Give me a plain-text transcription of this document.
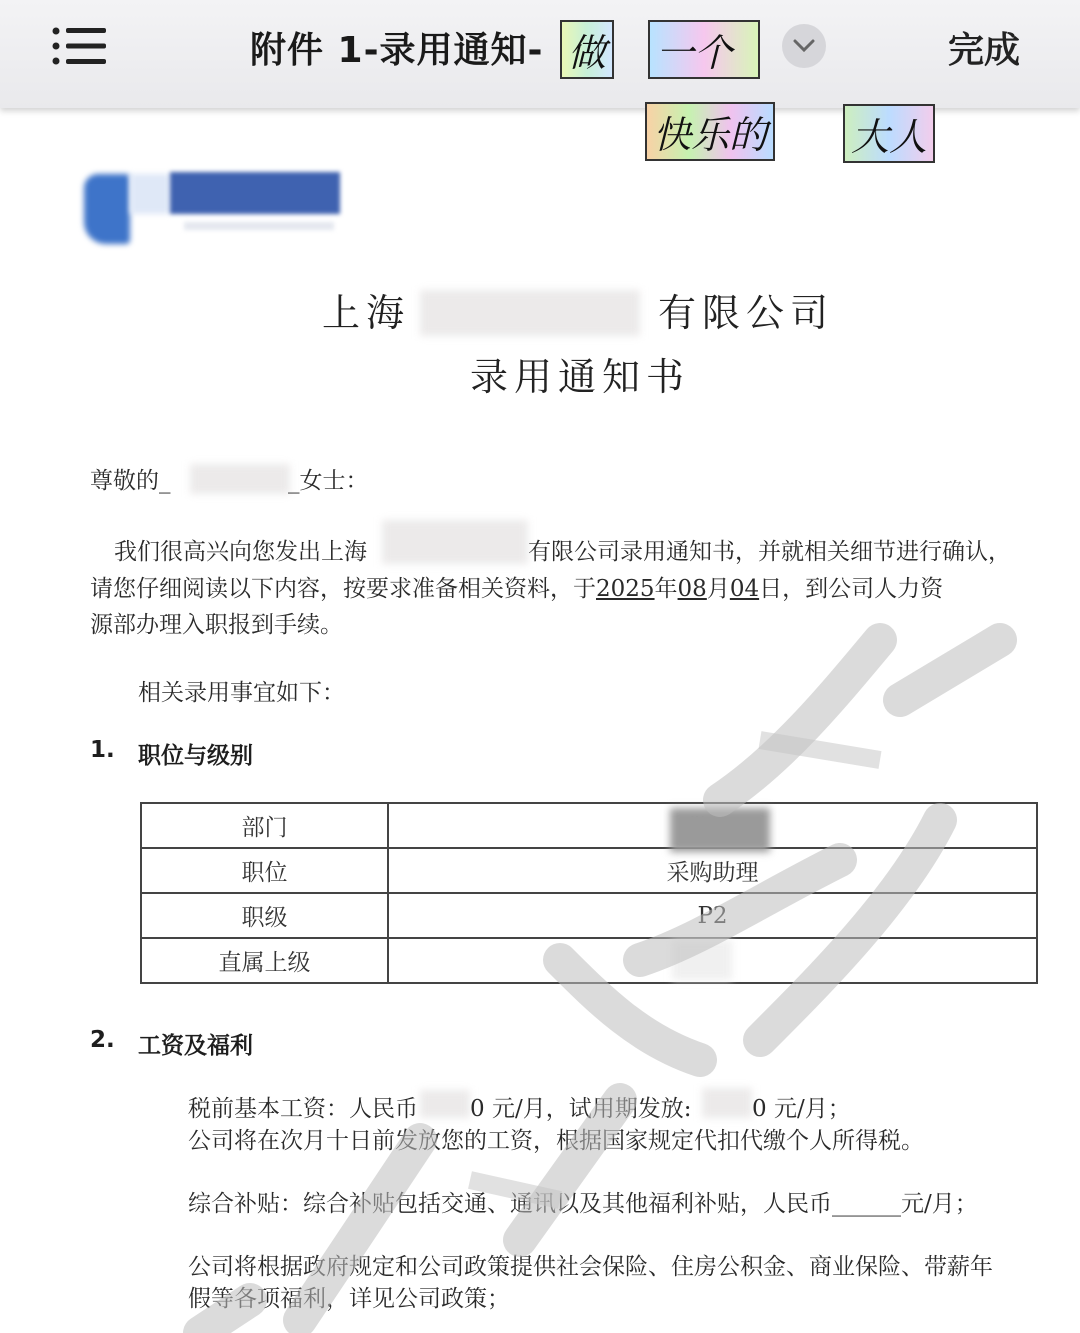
附件 1-录用通知-	完成
做 一个
快乐的 大人
上海	有限公司
录用通知书
尊敬的_	_女士：
我们很高兴向您发出上海	有限公司录用通知书，并就相关细节进行确认，
请您仔细阅读以下内容，按要求准备相关资料，于2025年08月04日，到公司人力资
源部办理入职报到手续。
相关录用事宜如下：
1. 职位与级别
部门	
职位	采购助理
职级	P2
直属上级	
2. 工资及福利
税前基本工资：人民币 0 元/月，试用期发放:	0 元/月；
公司将在次月十日前发放您的工资，根据国家规定代扣代缴个人所得税。
综合补贴：综合补贴包括交通、通讯以及其他福利补贴，人民币______元/月；
公司将根据政府规定和公司政策提供社会保险、住房公积金、商业保险、带薪年
假等各项福利，详见公司政策；
